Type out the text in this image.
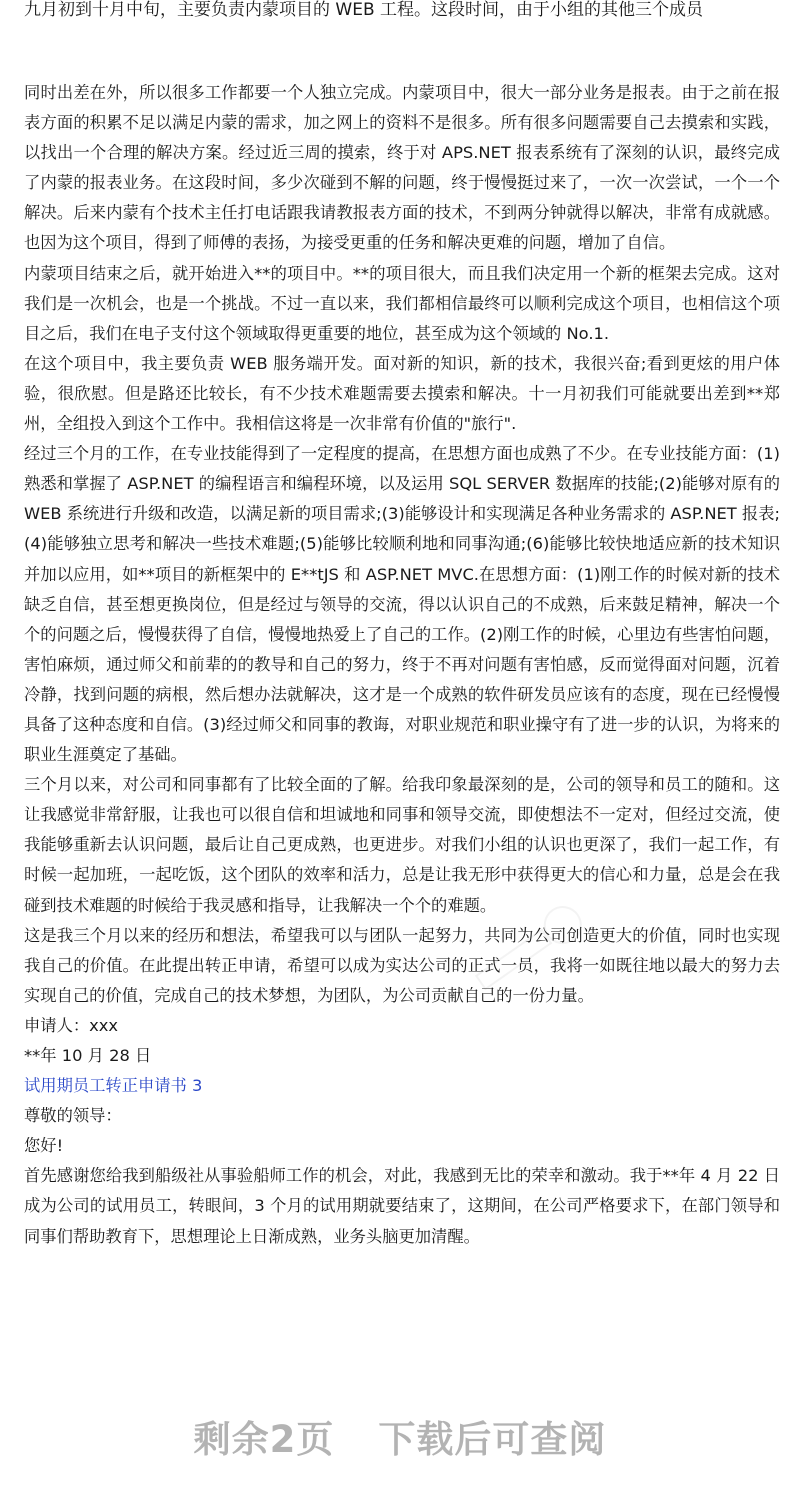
九月初到十月中旬，主要负责内蒙项目的 WEB 工程。这段时间，由于小组的其他三个成员

同时出差在外，所以很多工作都要一个人独立完成。内蒙项目中，很大一部分业务是报表。由于之前在报表方面的积累不足以满足内蒙的需求，加之网上的资料不是很多。所有很多问题需要自己去摸索和实践，以找出一个合理的解决方案。经过近三周的摸索，终于对 APS.NET 报表系统有了深刻的认识，最终完成了内蒙的报表业务。在这段时间，多少次碰到不解的问题，终于慢慢挺过来了，一次一次尝试，一个一个解决。后来内蒙有个技术主任打电话跟我请教报表方面的技术，不到两分钟就得以解决，非常有成就感。也因为这个项目，得到了师傅的表扬，为接受更重的任务和解决更难的问题，增加了自信。

内蒙项目结束之后，就开始进入**的项目中。**的项目很大，而且我们决定用一个新的框架去完成。这对我们是一次机会，也是一个挑战。不过一直以来，我们都相信最终可以顺利完成这个项目，也相信这个项目之后，我们在电子支付这个领域取得更重要的地位，甚至成为这个领域的 No.1.

在这个项目中，我主要负责 WEB 服务端开发。面对新的知识，新的技术，我很兴奋;看到更炫的用户体验，很欣慰。但是路还比较长，有不少技术难题需要去摸索和解决。十一月初我们可能就要出差到**郑州，全组投入到这个工作中。我相信这将是一次非常有价值的"旅行".

经过三个月的工作，在专业技能得到了一定程度的提高，在思想方面也成熟了不少。在专业技能方面：(1)熟悉和掌握了 ASP.NET 的编程语言和编程环境，以及运用 SQL SERVER 数据库的技能;(2)能够对原有的 WEB 系统进行升级和改造，以满足新的项目需求;(3)能够设计和实现满足各种业务需求的 ASP.NET 报表;(4)能够独立思考和解决一些技术难题;(5)能够比较顺利地和同事沟通;(6)能够比较快地适应新的技术知识并加以应用，如**项目的新框架中的 E**tJS 和 ASP.NET MVC.在思想方面：(1)刚工作的时候对新的技术缺乏自信，甚至想更换岗位，但是经过与领导的交流，得以认识自己的不成熟，后来鼓足精神，解决一个个的问题之后，慢慢获得了自信，慢慢地热爱上了自己的工作。(2)刚工作的时候，心里边有些害怕问题，害怕麻烦，通过师父和前辈的的教导和自己的努力，终于不再对问题有害怕感，反而觉得面对问题，沉着冷静，找到问题的病根，然后想办法就解决，这才是一个成熟的软件研发员应该有的态度，现在已经慢慢具备了这种态度和自信。(3)经过师父和同事的教诲，对职业规范和职业操守有了进一步的认识，为将来的职业生涯奠定了基础。

三个月以来，对公司和同事都有了比较全面的了解。给我印象最深刻的是，公司的领导和员工的随和。这让我感觉非常舒服，让我也可以很自信和坦诚地和同事和领导交流，即使想法不一定对，但经过交流，使我能够重新去认识问题，最后让自己更成熟，也更进步。对我们小组的认识也更深了，我们一起工作，有时候一起加班，一起吃饭，这个团队的效率和活力，总是让我无形中获得更大的信心和力量，总是会在我碰到技术难题的时候给于我灵感和指导，让我解决一个个的难题。

这是我三个月以来的经历和想法，希望我可以与团队一起努力，共同为公司创造更大的价值，同时也实现我自己的价值。在此提出转正申请，希望可以成为实达公司的正式一员，我将一如既往地以最大的努力去实现自己的价值，完成自己的技术梦想，为团队，为公司贡献自己的一份力量。

申请人：xxx

**年 10 月 28 日

试用期员工转正申请书 3

尊敬的领导：

您好!

首先感谢您给我到船级社从事验船师工作的机会，对此，我感到无比的荣幸和激动。我于**年 4 月 22 日成为公司的试用员工，转眼间，3 个月的试用期就要结束了，这期间，在公司严格要求下，在部门领导和同事们帮助教育下，思想理论上日渐成熟，业务头脑更加清醒。

剩余2页 下载后可查阅
